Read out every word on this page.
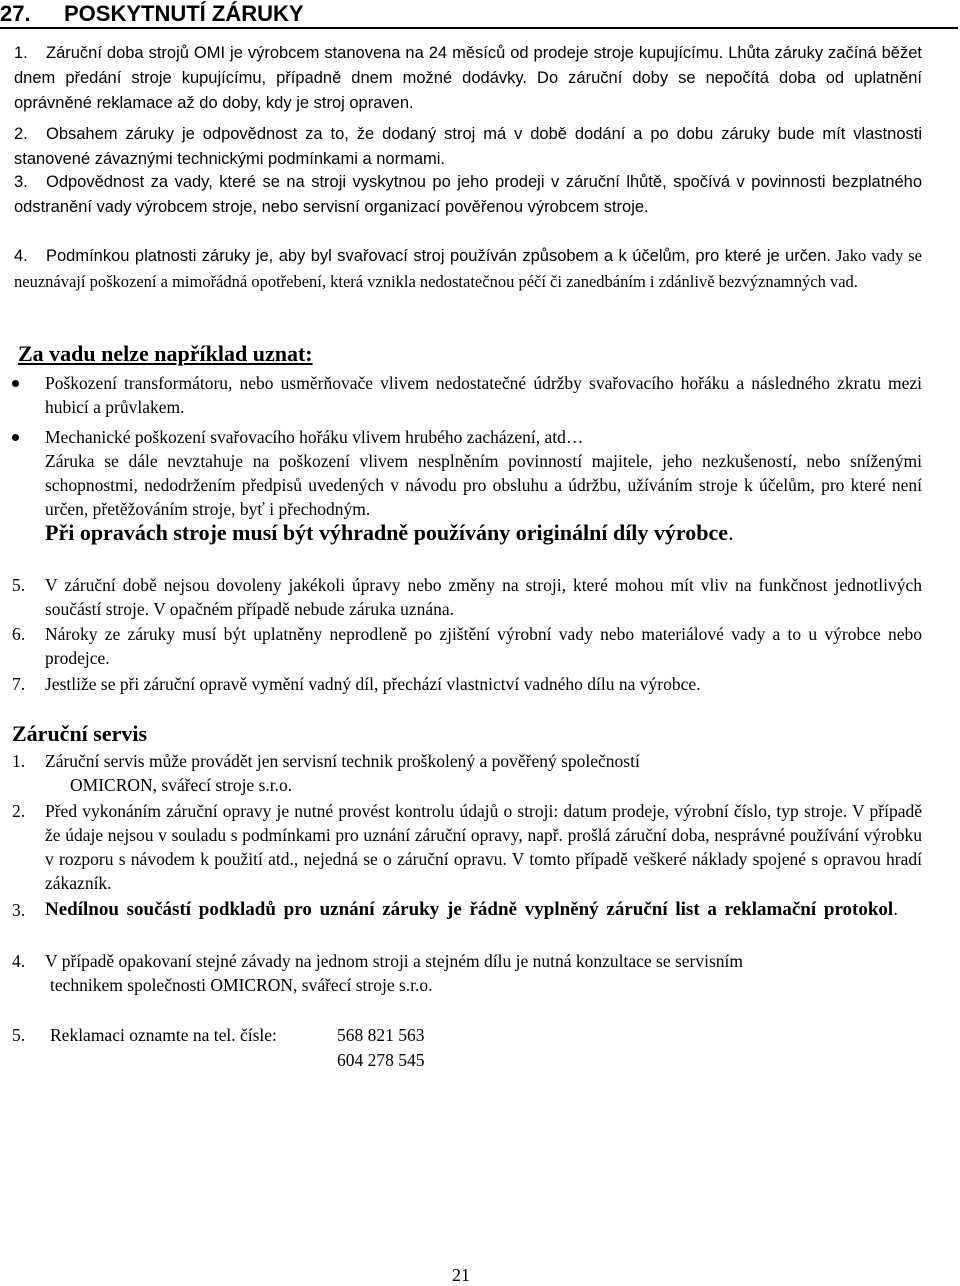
27. POSKYTNUTÍ ZÁRUKY
1. Záruční doba strojů OMI je výrobcem stanovena na 24 měsíců od prodeje stroje kupujícímu. Lhůta záruky začíná běžet dnem předání stroje kupujícímu, případně dnem možné dodávky. Do záruční doby se nepočítá doba od uplatnění oprávněné reklamace až do doby, kdy je stroj opraven.
2. Obsahem záruky je odpovědnost za to, že dodaný stroj má v době dodání a po dobu záruky bude mít vlastnosti stanovené závaznými technickými podmínkami a normami.
3. Odpovědnost za vady, které se na stroji vyskytnou po jeho prodeji v záruční lhůtě, spočívá v povinnosti bezplatného odstranění vady výrobcem stroje, nebo servisní organizací pověřenou výrobcem stroje.
4. Podmínkou platnosti záruky je, aby byl svařovací stroj používán způsobem a k účelům, pro které je určen. Jako vady se neuznávají poškození a mimořádná opotřebení, která vznikla nedostatečnou péčí či zanedbáním i zdánlivě bezvýznamných vad.
Za vadu nelze například uznat:
Poškození transformátoru, nebo usměrňovače vlivem nedostatečné údržby svařovacího hořáku a následného zkratu mezi hubicí a průvlakem.
Mechanické poškození svařovacího hořáku vlivem hrubého zacházení, atd…
Záruka se dále nevztahuje na poškození vlivem nesplněním povinností majitele, jeho nezkušeností, nebo sníženými schopnostmi, nedodržením předpisů uvedených v návodu pro obsluhu a údržbu, užíváním stroje k účelům, pro které není určen, přetěžováním stroje, byť i přechodným.
Při opravách stroje musí být výhradně používány originální díly výrobce.
5. V záruční době nejsou dovoleny jakékoli úpravy nebo změny na stroji, které mohou mít vliv na funkčnost jednotlivých součástí stroje. V opačném případě nebude záruka uznána.
6. Nároky ze záruky musí být uplatněny neprodleně po zjištění výrobní vady nebo materiálové vady a to u výrobce nebo prodejce.
7. Jestliže se při záruční opravě vymění vadný díl, přechází vlastnictví vadného dílu na výrobce.
Záruční servis
1. Záruční servis může provádět jen servisní technik proškolený a pověřený společností
OMICRON, svářecí stroje s.r.o.
2. Před vykonáním záruční opravy je nutné provést kontrolu údajů o stroji: datum prodeje, výrobní číslo, typ stroje. V případě že údaje nejsou v souladu s podmínkami pro uznání záruční opravy, např. prošlá záruční doba, nesprávné používání výrobku v rozporu s návodem k použití atd., nejedná se o záruční opravu. V tomto případě veškeré náklady spojené s opravou hradí zákazník.
3. Nedílnou součástí podkladů pro uznání záruky je řádně vyplněný záruční list a reklamační protokol.
4. V případě opakovaní stejné závady na jednom stroji a stejném dílu je nutná konzultace se servisním
technikem společnosti OMICRON, svářecí stroje s.r.o.
5. Reklamaci oznamte na tel. čísle:	568 821 563
604 278 545
21
